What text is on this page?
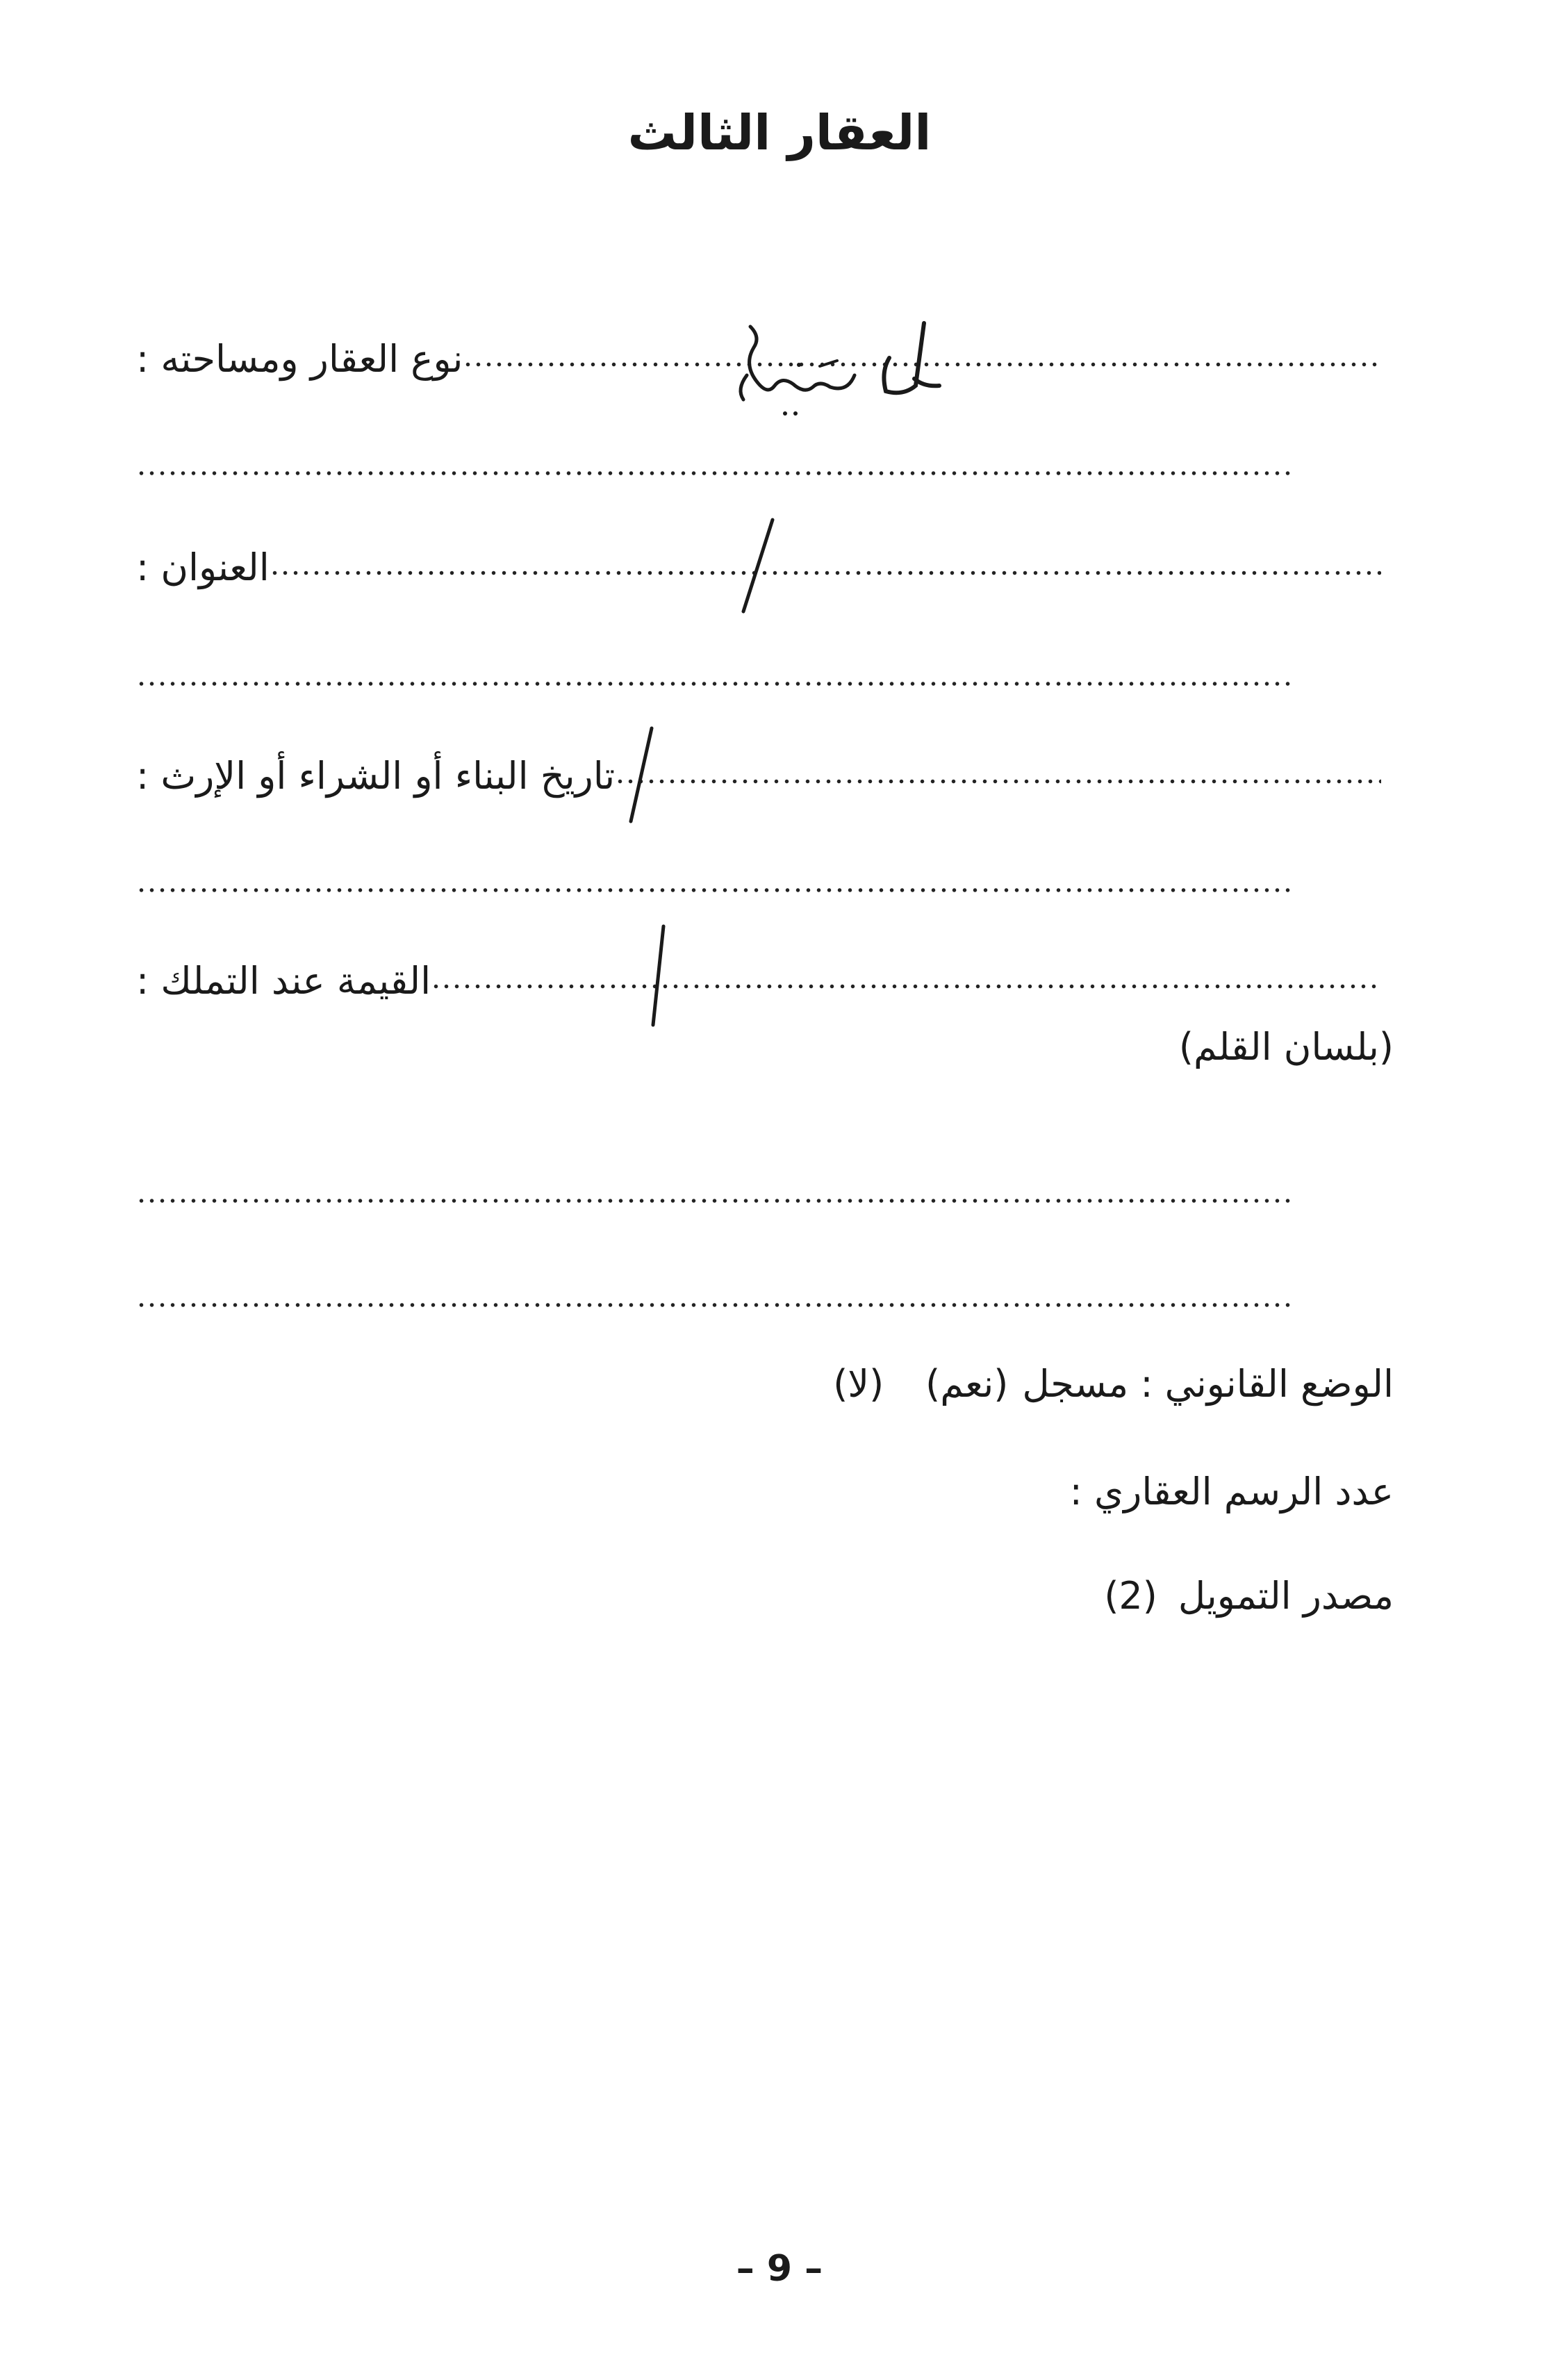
العقار الثالث
نوع العقار ومساحته :
العنوان :
تاريخ البناء أو الشراء أو الإرث :
القيمة عند التملك :
(بلسان القلم)
الوضع القانوني : مسجل
(نعم)
(لا)
عدد الرسم العقاري :
مصدر التمويل
(2)
– 9 –
